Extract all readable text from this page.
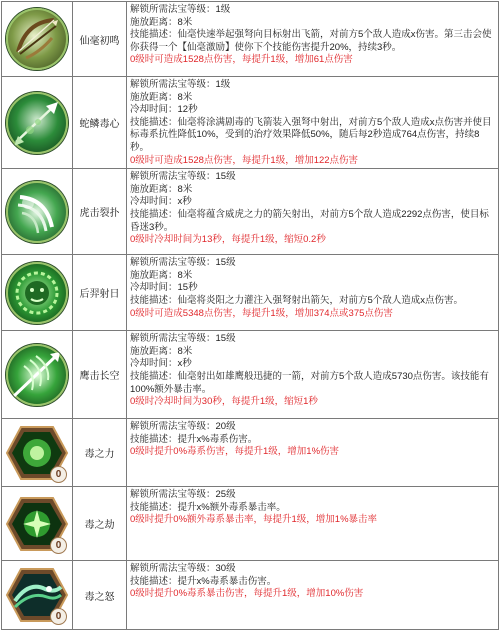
	仙毫初鸣	解锁所需法宝等级：1级
施放距离：8米
技能描述：仙毫快速举起强弩向目标射出飞箭，对前方5个敌人造成x伤害。第三击会使你获得一个【仙毫激励】使你下个技能伤害提升20%，持续3秒。
0级时可造成1528点伤害，每提升1级，增加61点伤害

	蛇鳞毒心	解锁所需法宝等级：1级
施放距离：8米
冷却时间：12秒
技能描述：仙毫将涂满剧毒的飞箭装入强弩中射出，对前方5个敌人造成x点伤害并使目标毒系抗性降低10%，受到的治疗效果降低50%，随后每2秒造成764点伤害，持续8秒。
0级时可造成1528点伤害，每提升1级，增加122点伤害

	虎击裂扑	解锁所需法宝等级：15级
施放距离：8米
冷却时间：x秒
技能描述：仙毫将蕴含威虎之力的箭矢射出，对前方5个敌人造成2292点伤害，使目标昏迷3秒。
0级时冷却时间为13秒，每提升1级，缩短0.2秒

	后羿射日	解锁所需法宝等级：15级
施放距离：8米
冷却时间：15秒
技能描述：仙毫将炎阳之力灌注入强弩射出箭矢，对前方5个敌人造成x点伤害。
0级时可造成5348点伤害，每提升1级，增加374点或375点伤害

	鹰击长空	解锁所需法宝等级：15级
施放距离：8米
冷却时间：x秒
技能描述：仙毫射出如雄鹰般迅捷的一箭，对前方5个敌人造成5730点伤害。该技能有100%额外暴击率。
0级时冷却时间为30秒，每提升1级，缩短1秒

0	毒之力	解锁所需法宝等级：20级
技能描述：提升x%毒系伤害。
0级时提升0%毒系伤害，每提升1级，增加1%伤害

0	毒之劫	解锁所需法宝等级：25级
技能描述：提升x%额外毒系暴击率。
0级时提升0%额外毒系暴击率，每提升1级，增加1%暴击率

0	毒之怒	解锁所需法宝等级：30级
技能描述：提升x%毒系暴击伤害。
0级时提升0%毒系暴击伤害，每提升1级，增加10%伤害
